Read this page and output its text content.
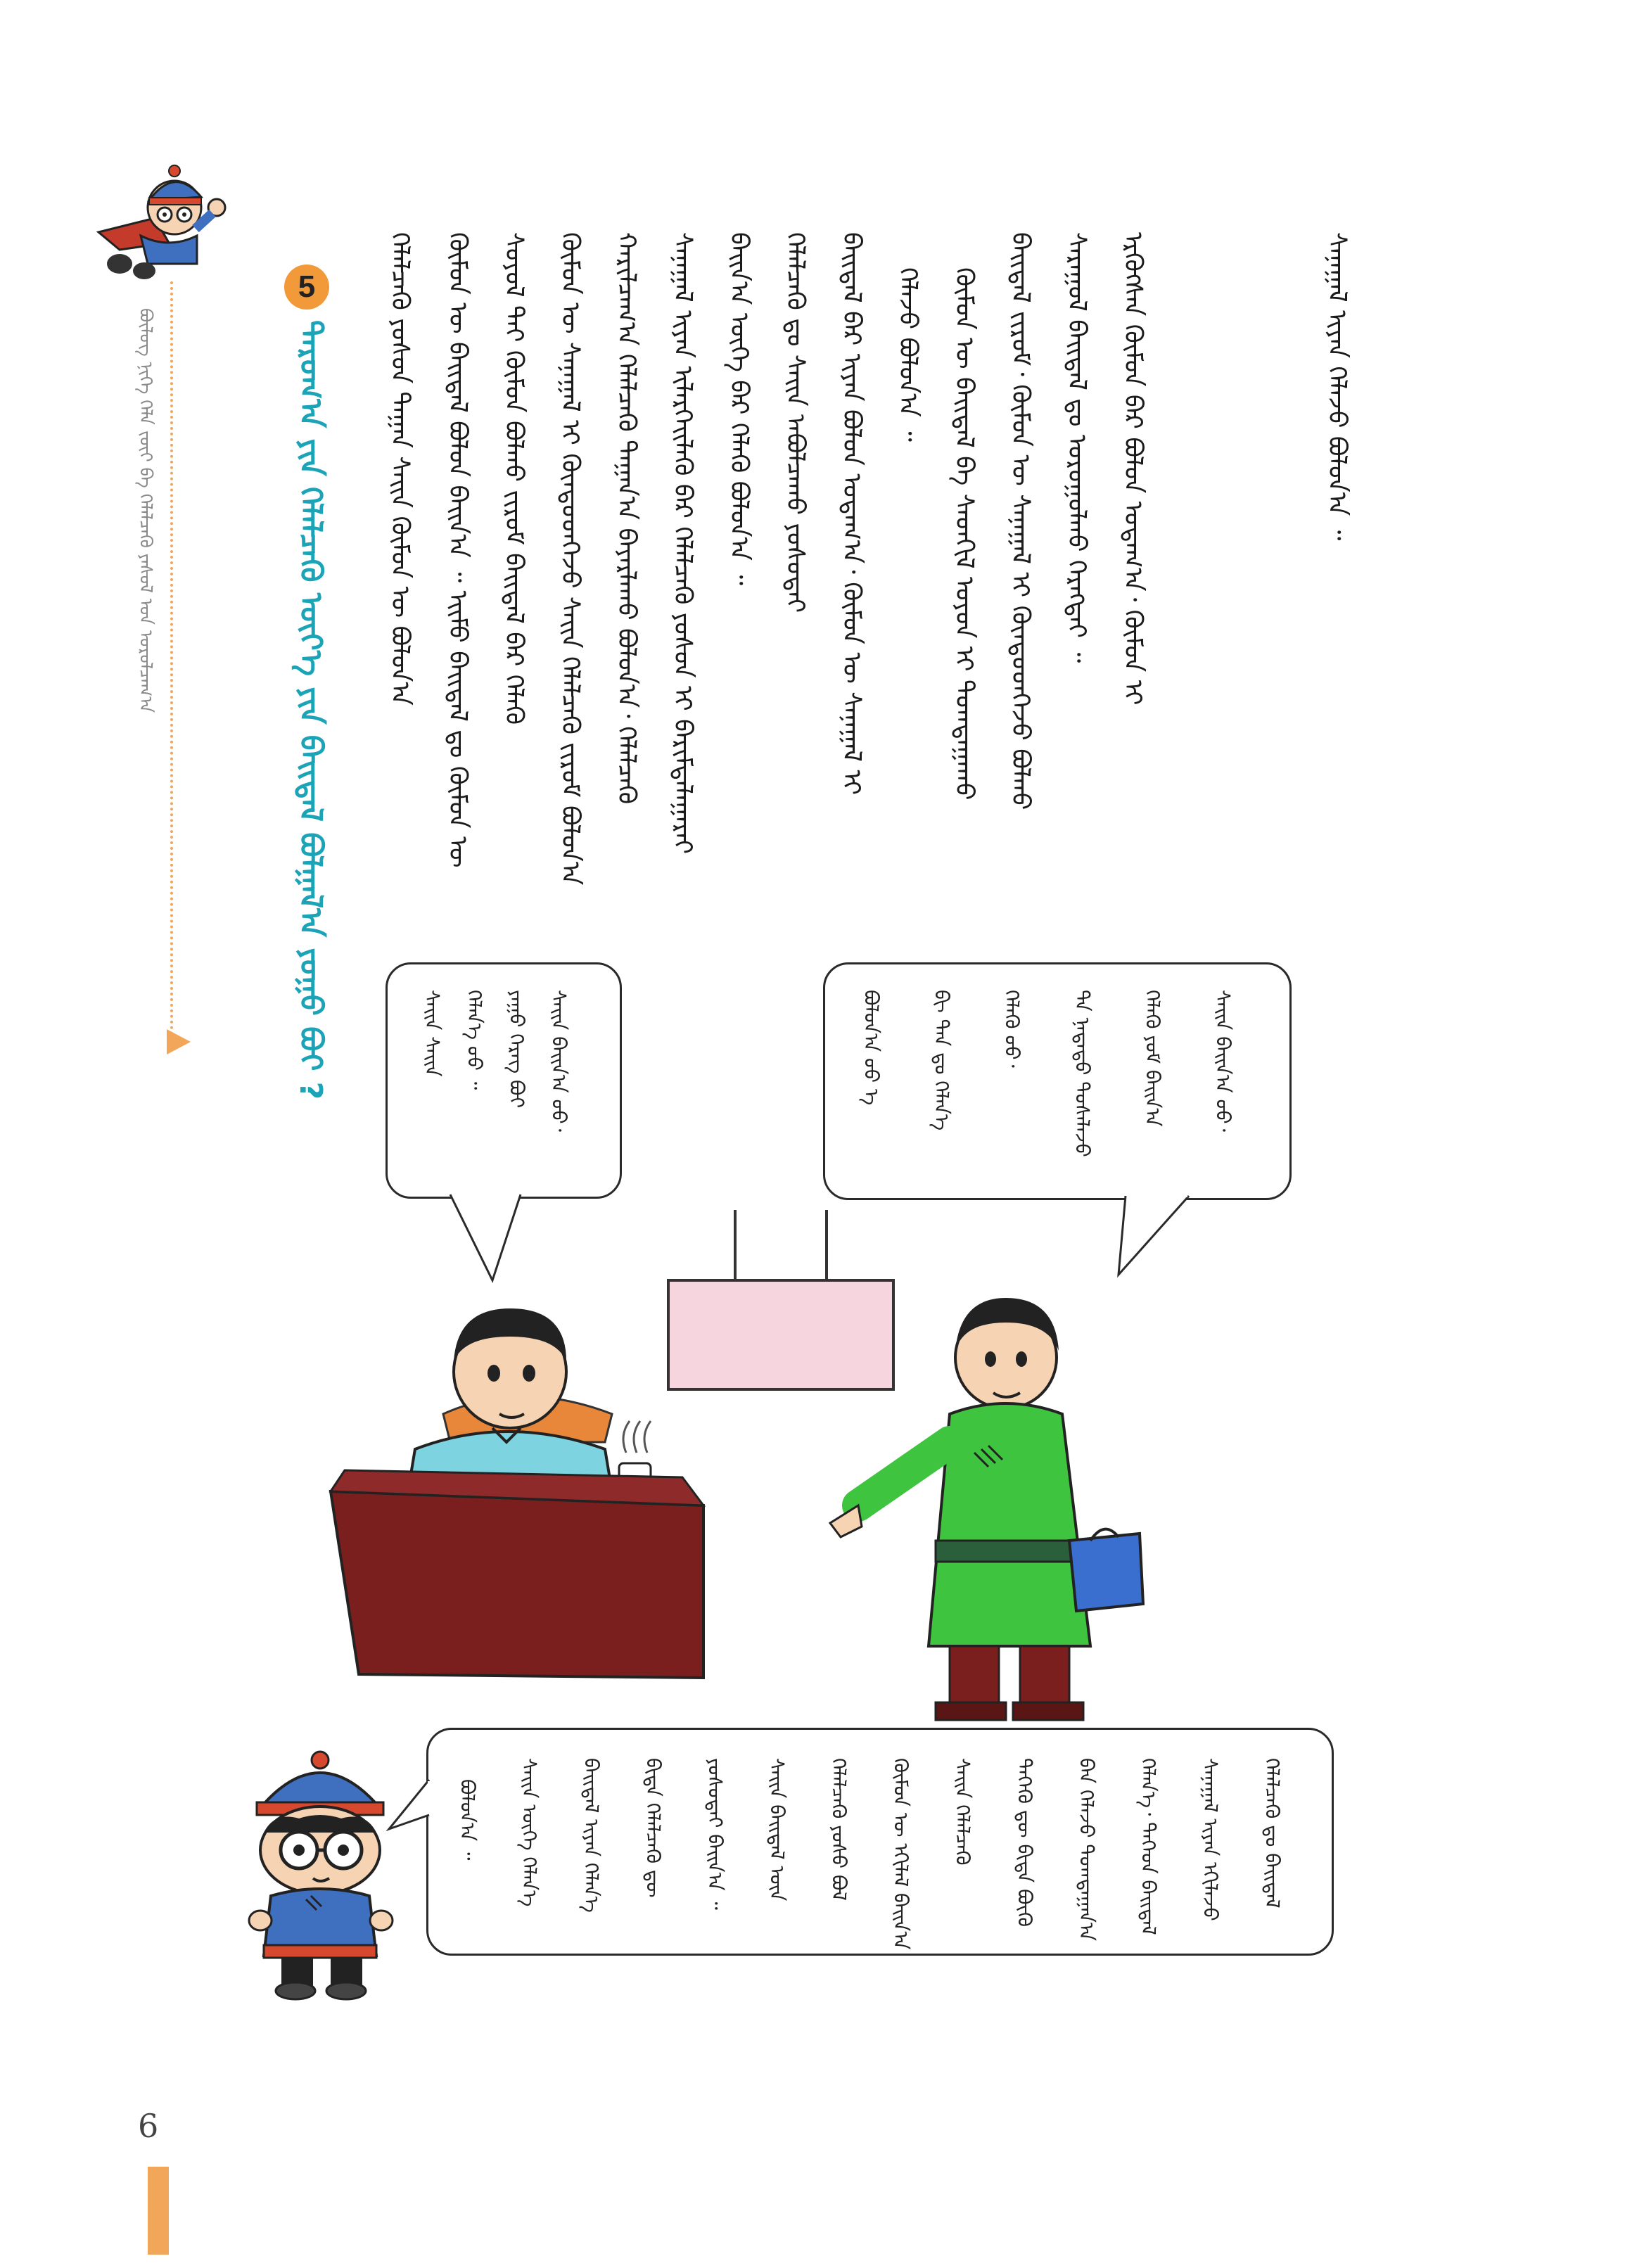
ᠪᠦᠯᠦᠭ ᠨᠢᠭᠡ ᠬᠡᠯᠡ ᠵᠦᠢ ᠪᠠ ᠬᠡᠯᠡᠯᠴᠡᠬᠦ ᠶᠠᠰᠤᠯ ᠤᠨ ᠤᠷᠤᠯᠴᠠᠭ᠎ᠠ
5
ᠳᠠᠷᠤᠭ᠎ᠠ ᠶᠢᠨ ᠬᠡᠯᠡᠯᠴᠡᠬᠦ ᠦᠶ᠎ᠡ ᠶᠢᠨ ᠪᠠᠢᠳᠠᠯ ᠪᠣᠯᠭᠠᠯ᠎ᠠ ᠶᠤᠭᠤ ᠪᠤᠢ ? ᠬᠡᠯᠡᠯᠴᠡᠬᠦ ᠶᠤᠰᠤᠨ ᠳᠠᠭᠠᠨ ᠰᠠᠢᠨ ᠬᠦᠮᠦᠨ ᠦ ᠪᠣᠯᠤᠨ᠎ᠠ ᠬᠦᠮᠦᠨ ᠦ ᠪᠠᠢᠳᠠᠯ ᠪᠣᠯᠤᠨ ᠪᠠᠢᠨ᠎ᠠ ᠃ ᠡᠢᠮᠦ ᠪᠠᠢᠳᠠᠯ ᠳᠤ ᠬᠦᠮᠦᠨ ᠦ ᠰᠣᠶᠣᠯ ᠲᠠᠢ ᠬᠦᠮᠦᠨ ᠪᠣᠯᠬᠤ ᠵᠢᠷᠤᠮ ᠪᠠᠢᠳᠠᠯ ᠪᠠᠷ ᠬᠡᠯᠡᠬᠦ ᠬᠦᠮᠦᠨ ᠦ ᠰᠠᠨᠠᠭᠠᠯ ᠢ ᠬᠦᠨᠳᠦᠳᠬᠡᠵᠦ ᠰᠠᠢᠨ ᠬᠡᠯᠡᠯᠴᠡᠬᠦ ᠵᠢᠷᠤᠮ ᠪᠣᠯᠤᠨ᠎ᠠ ᠬᠠᠷᠢᠯᠴᠠᠭ᠎ᠠ ᠬᠡᠯᠡᠯᠴᠡᠬᠦ ᠳᠠᠭᠠᠨ᠎ᠠ ᠪᠠᠶᠠᠷᠯᠠᠬᠤ ᠪᠣᠯᠤᠨ᠎ᠠ᠂ ᠬᠡᠯᠡᠯᠴᠡᠬᠦ ᠰᠠᠨᠠᠭᠠᠯ ᠢᠶᠠᠨ ᠢᠯᠡᠷᠬᠡᠢᠯᠡᠬᠦ ᠪᠡᠷ ᠬᠡᠯᠡᠯᠴᠡᠬᠦ ᠶᠤᠰᠤᠨ ᠢ ᠪᠠᠷᠢᠮᠲᠠᠯᠠᠭᠠᠷᠠᠢ ᠪᠠᠢᠨ᠎ᠠ ᠦᠭᠡ ᠪᠡᠷ ᠬᠡᠯᠡᠬᠦ ᠪᠣᠯᠤᠨ᠎ᠠ ᠃ ᠬᠡᠯᠡᠯᠴᠡᠬᠦ ᠳᠤ ᠰᠠᠢᠨ ᠠᠪᠤᠯᠴᠠᠬᠤ ᠶᠤᠰᠤᠲᠠᠢ ᠪᠠᠢᠳᠠᠯ ᠪᠠᠷ ᠢᠶᠠᠨ ᠪᠤᠯᠤᠨ ᠤᠳᠠᠭ᠎ᠠ᠂ ᠬᠦᠮᠦᠨ ᠦ ᠰᠠᠨᠠᠭᠠᠯ ᠢ ᠬᠡᠯᠡᠵᠦ ᠪᠣᠯᠤᠨ᠎ᠠ ᠃ ᠬᠦᠮᠦᠨ ᠦ ᠪᠠᠢᠳᠠᠯ ᠪᠠ ᠰᠡᠳᠬᠢᠯ ᠣᠶᠤᠨ ᠢ ᠲᠣᠭᠲᠠᠭᠠᠬᠤ ᠪᠠᠢᠳᠠᠯ ᠵᠢᠷᠤᠮ᠂ ᠬᠦᠮᠦᠨ ᠦ ᠰᠠᠨᠠᠭᠠᠯ ᠢ ᠬᠦᠨᠳᠦᠳᠬᠡᠵᠦ ᠪᠣᠯᠬᠤ ᠰᠠᠷᠠᠭᠤᠯ ᠪᠠᠢᠳᠠᠯ ᠳᠤ ᠣᠷᠤᠭᠤᠯᠬᠤ ᠬᠡᠷᠡᠭᠲᠡᠢ ᠃ ᠡᠷᠭᠦᠭᠰᠡᠨ ᠬᠥᠮᠦᠨ ᠪᠠᠷ ᠪᠤᠯᠤᠨ ᠤᠳᠠᠭ᠎ᠠ᠂ ᠬᠦᠮᠦᠨ ᠢ	ᠰᠠᠨᠠᠭᠠᠯ ᠢᠶᠠᠨ ᠬᠡᠯᠡᠵᠦ ᠪᠣᠯᠤᠨ᠎ᠠ ᠃
ᠰᠠᠢᠨ ᠰᠠᠢᠨ ᠬᠡᠯᠡᠨ᠎ᠡ ᠦᠦ ᠃ ᠶᠠᠭᠤ ᠬᠡᠷᠡᠭ ᠪᠤᠢ ᠰᠠᠢᠨ ᠪᠠᠢᠨ᠎ᠠ ᠤᠤ᠂	ᠪᠣᠯᠤᠨ᠎ᠠ ᠤᠤ ᠡ ᠪᠢ ᠲᠠᠨ ᠳᠤ ᠬᠡᠯᠡᠨ᠎ᠡ ᠬᠡᠯᠡᠬᠦ ᠦᠦ᠂ ᠲᠠ ᠨᠠᠳᠠᠳᠤ ᠲᠤᠰᠠᠯᠠᠵᠤ ᠬᠡᠯᠡᠬᠦ ᠶᠤᠮ ᠪᠠᠢᠨ᠎ᠠ ᠰᠠᠢᠨ ᠪᠠᠢᠨ᠎ᠠ ᠤᠤ᠂
ᠪᠣᠯᠤᠨ᠎ᠠ ᠃ ᠰᠠᠢᠨ ᠦᠭᠡ ᠬᠡᠯᠡᠨ᠎ᠡ ᠪᠠᠢᠳᠠᠯ ᠢᠶᠠᠨ ᠬᠡᠯᠡᠨ᠎ᠡ ᠪᠢᠳᠡ ᠬᠡᠯᠡᠯᠴᠡᠬᠦ ᠳᠦ ᠶᠤᠰᠤᠲᠠᠢ ᠪᠠᠢᠨ᠎ᠠ ᠃ ᠰᠠᠢᠨ ᠪᠠᠢᠳᠠᠯ ᠦᠨ ᠬᠡᠯᠡᠯᠴᠡᠬᠦ ᠶᠤᠰᠤ ᠪᠣᠯ ᠬᠦᠮᠦᠨ ᠦ ᠡᠬᠢᠯᠡᠯ ᠪᠠᠢᠨ᠎ᠠ ᠰᠠᠢᠨ ᠬᠡᠯᠡᠯᠴᠡᠬᠦ ᠲᠡᠭᠡᠬᠦ ᠳᠦ ᠪᠢᠳᠡ ᠪᠦᠬᠦ ᠪᠠᠨ ᠬᠡᠯᠡᠵᠦ ᠲᠣᠭᠲᠠᠭᠠᠨ᠎ᠠ ᠬᠡᠯᠡᠨ᠎ᠡ᠂ ᠲᠡᠭᠡᠳ ᠪᠠᠢᠳᠠᠯ ᠰᠠᠨᠠᠭᠠᠯ ᠢᠶᠠᠨ ᠡᠬᠢᠯᠡᠵᠦ ᠬᠡᠯᠡᠯᠴᠡᠬᠦ ᠳᠤ ᠪᠠᠢᠳᠠᠯ
6
